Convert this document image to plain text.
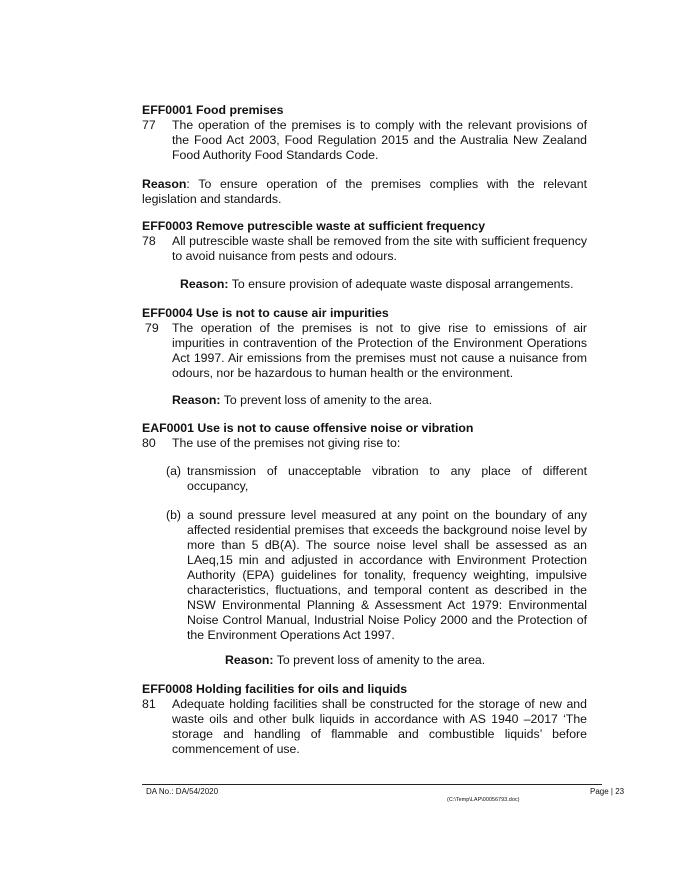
EFF0001 Food premises
77 The operation of the premises is to comply with the relevant provisions of the Food Act 2003, Food Regulation 2015 and the Australia New Zealand Food Authority Food Standards Code.
Reason: To ensure operation of the premises complies with the relevant legislation and standards.
EFF0003 Remove putrescible waste at sufficient frequency
78 All putrescible waste shall be removed from the site with sufficient frequency to avoid nuisance from pests and odours.
Reason: To ensure provision of adequate waste disposal arrangements.
EFF0004 Use is not to cause air impurities
79 The operation of the premises is not to give rise to emissions of air impurities in contravention of the Protection of the Environment Operations Act 1997. Air emissions from the premises must not cause a nuisance from odours, nor be hazardous to human health or the environment.
Reason: To prevent loss of amenity to the area.
EAF0001 Use is not to cause offensive noise or vibration
80 The use of the premises not giving rise to:
(a) transmission of unacceptable vibration to any place of different occupancy,
(b) a sound pressure level measured at any point on the boundary of any affected residential premises that exceeds the background noise level by more than 5 dB(A). The source noise level shall be assessed as an LAeq,15 min and adjusted in accordance with Environment Protection Authority (EPA) guidelines for tonality, frequency weighting, impulsive characteristics, fluctuations, and temporal content as described in the NSW Environmental Planning & Assessment Act 1979: Environmental Noise Control Manual, Industrial Noise Policy 2000 and the Protection of the Environment Operations Act 1997.
Reason: To prevent loss of amenity to the area.
EFF0008 Holding facilities for oils and liquids
81 Adequate holding facilities shall be constructed for the storage of new and waste oils and other bulk liquids in accordance with AS 1940 –2017 ‘The storage and handling of flammable and combustible liquids’ before commencement of use.
DA No.: DA/54/2020	Page | 23
(C:\Temp\LAP\00056793.doc)
